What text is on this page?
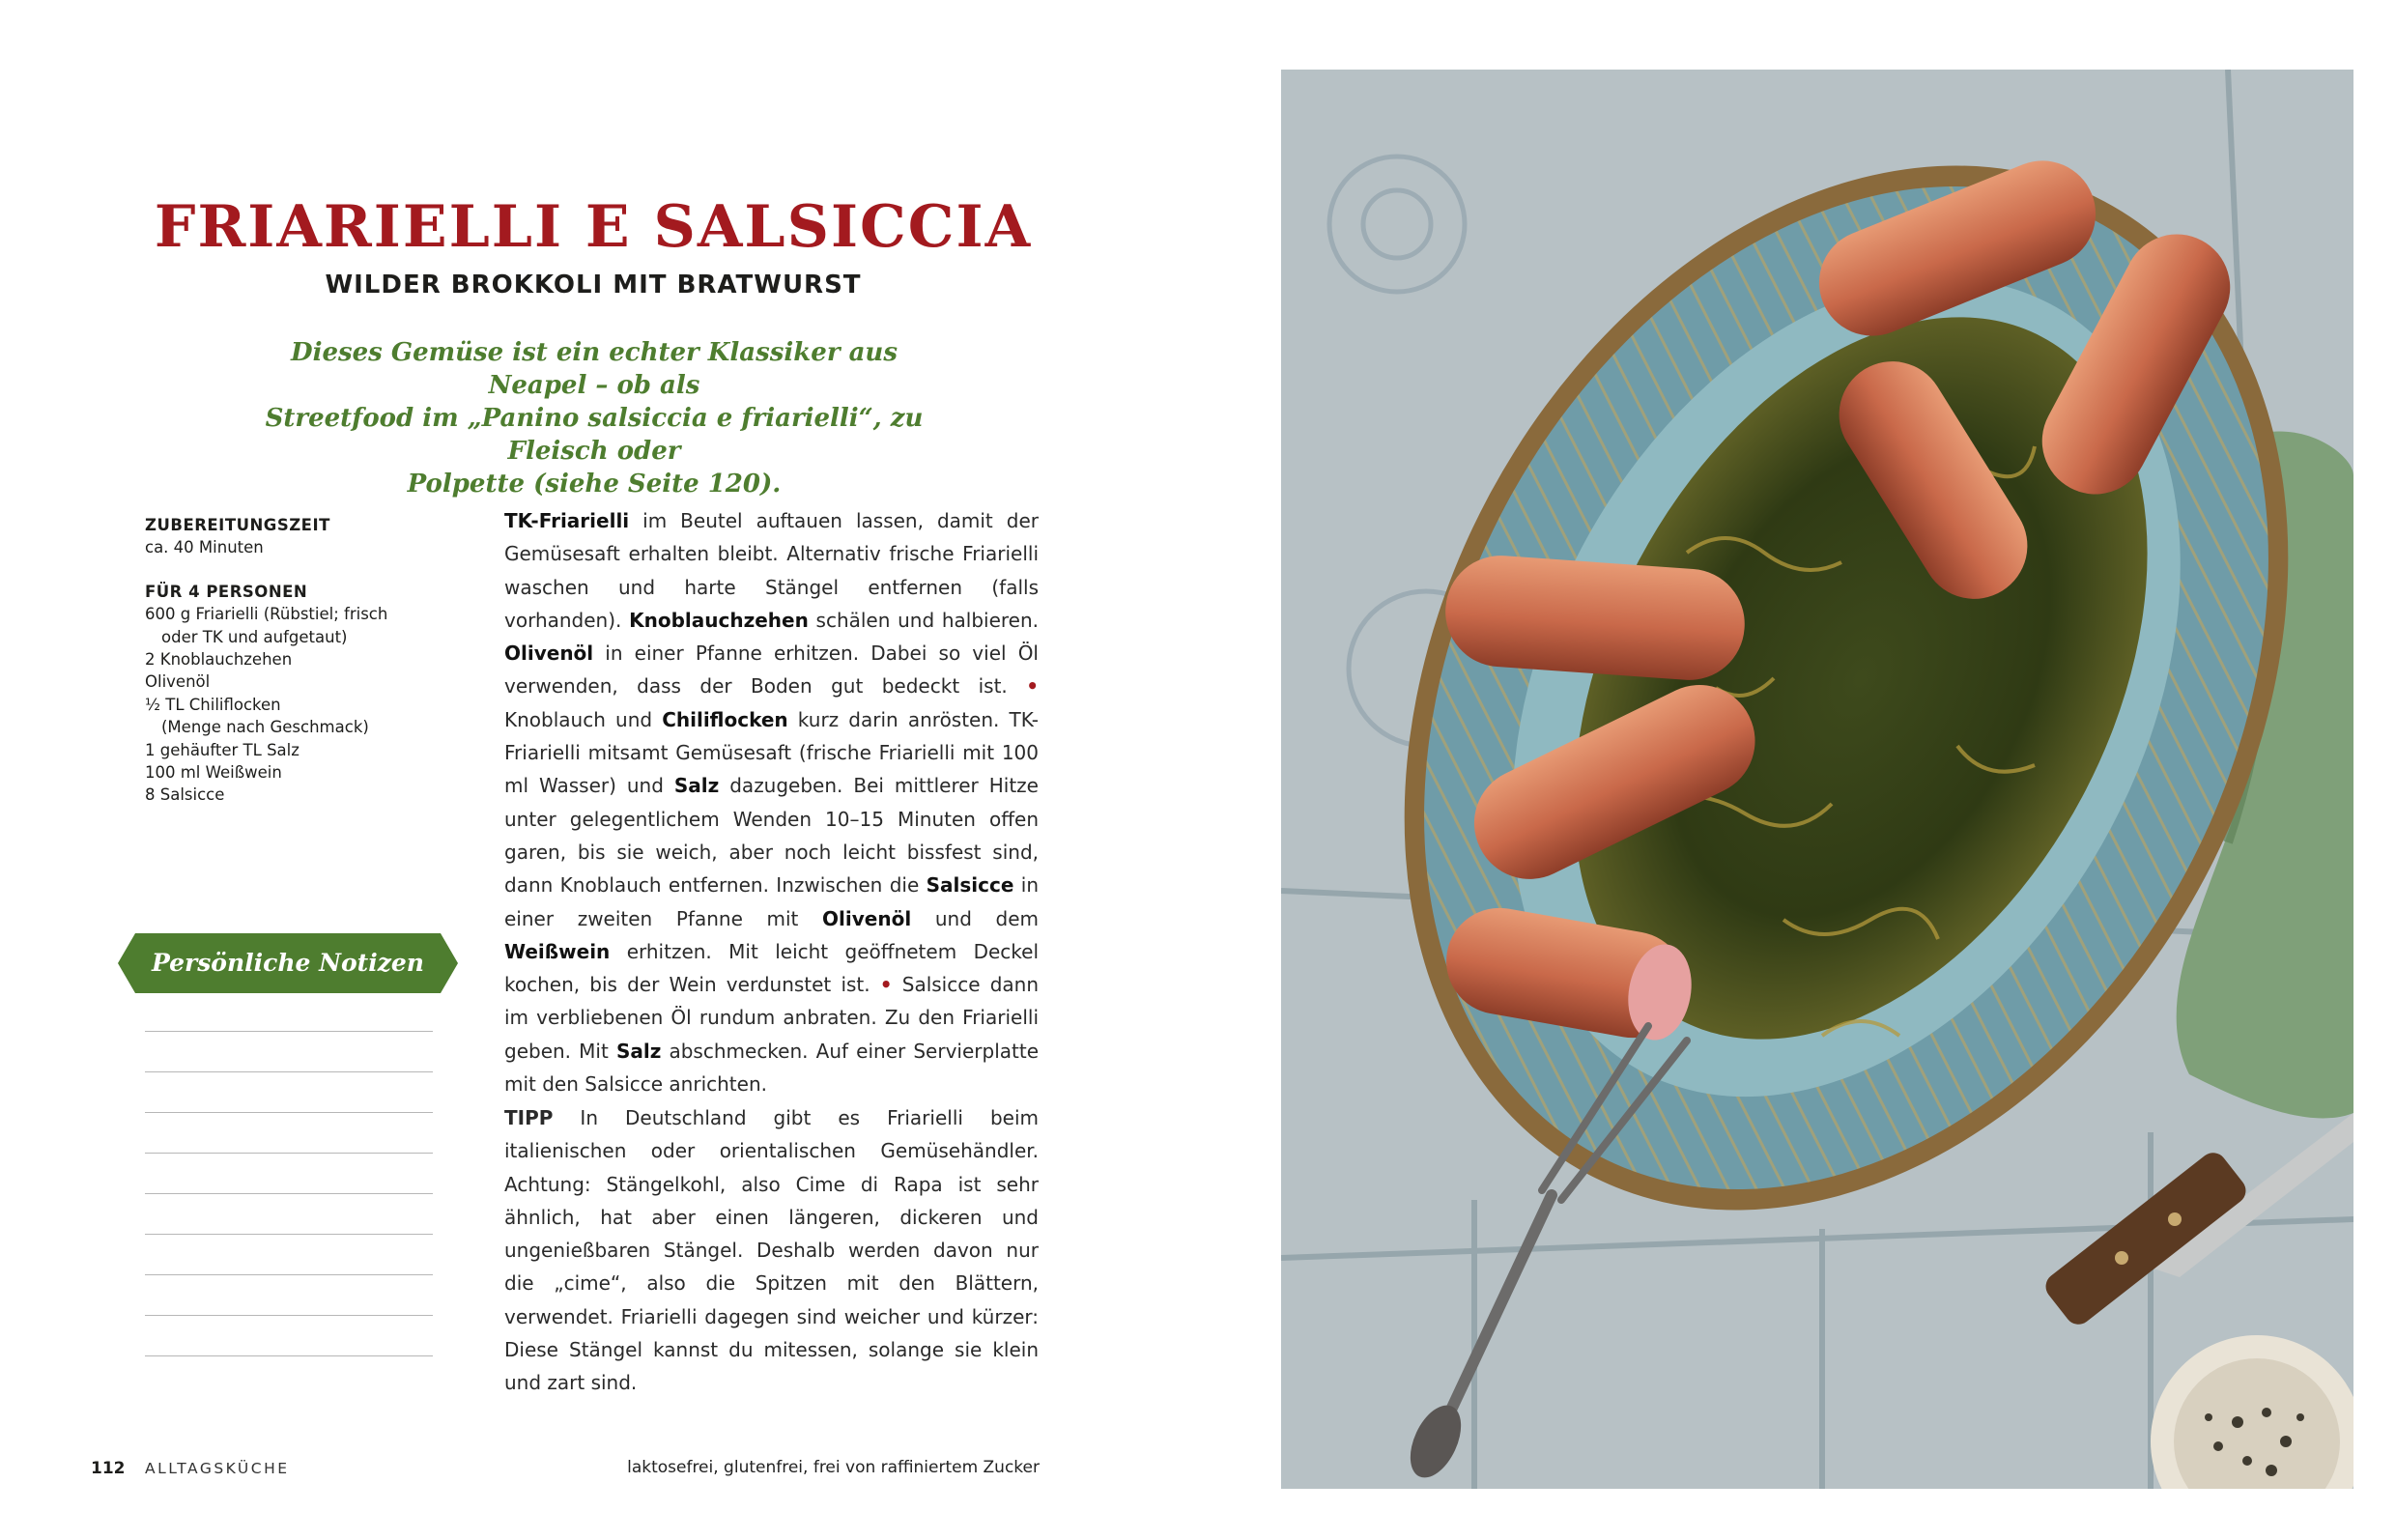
FRIARIELLI E SALSICCIA
WILDER BROKKOLI MIT BRATWURST

Dieses Gemüse ist ein echter Klassiker aus Neapel – ob als
Streetfood im „Panino salsiccia e friarielli“, zu Fleisch oder
Polpette (siehe Seite 120).

ZUBEREITUNGSZEIT
ca. 40 Minuten
FÜR 4 PERSONEN
600 g Friarielli (Rübstiel; frisch
oder TK und aufgetaut)
2 Knoblauchzehen
Olivenöl
½ TL Chiliflocken
(Menge nach Geschmack)
1 gehäufter TL Salz
100 ml Weißwein
8 Salsicce
Persönliche Notizen

TK-Friarielli im Beutel auftauen lassen, damit der Gemüsesaft erhalten bleibt. Alternativ frische Friarielli waschen und harte Stängel entfernen (falls vorhanden). Knoblauchzehen schälen und halbieren. Olivenöl in einer Pfanne erhitzen. Dabei so viel Öl verwenden, dass der Boden gut bedeckt ist. • Knoblauch und Chiliflocken kurz darin anrösten. TK-Friarielli mitsamt Gemüsesaft (frische Friarielli mit 100 ml Wasser) und Salz dazugeben. Bei mittlerer Hitze unter gelegentlichem Wenden 10–15 Minuten offen garen, bis sie weich, aber noch leicht bissfest sind, dann Knoblauch entfernen. Inzwischen die Salsicce in einer zweiten Pfanne mit Olivenöl und dem Weißwein erhitzen. Mit leicht geöffnetem Deckel kochen, bis der Wein verdunstet ist. • Salsicce dann im verbliebenen Öl rundum anbraten. Zu den Friarielli geben. Mit Salz abschmecken. Auf einer Servierplatte mit den Salsicce anrichten.

TIPP In Deutschland gibt es Friarielli beim italienischen oder orientalischen Gemüsehändler. Achtung: Stängelkohl, also Cime di Rapa ist sehr ähnlich, hat aber einen längeren, dickeren und ungenießbaren Stängel. Deshalb werden davon nur die „cime“, also die Spitzen mit den Blättern, verwendet. Friarielli dagegen sind weicher und kürzer: Diese Stängel kannst du mitessen, solange sie klein und zart sind.

112 ALLTAGSKÜCHE	laktosefrei, glutenfrei, frei von raffiniertem Zucker
